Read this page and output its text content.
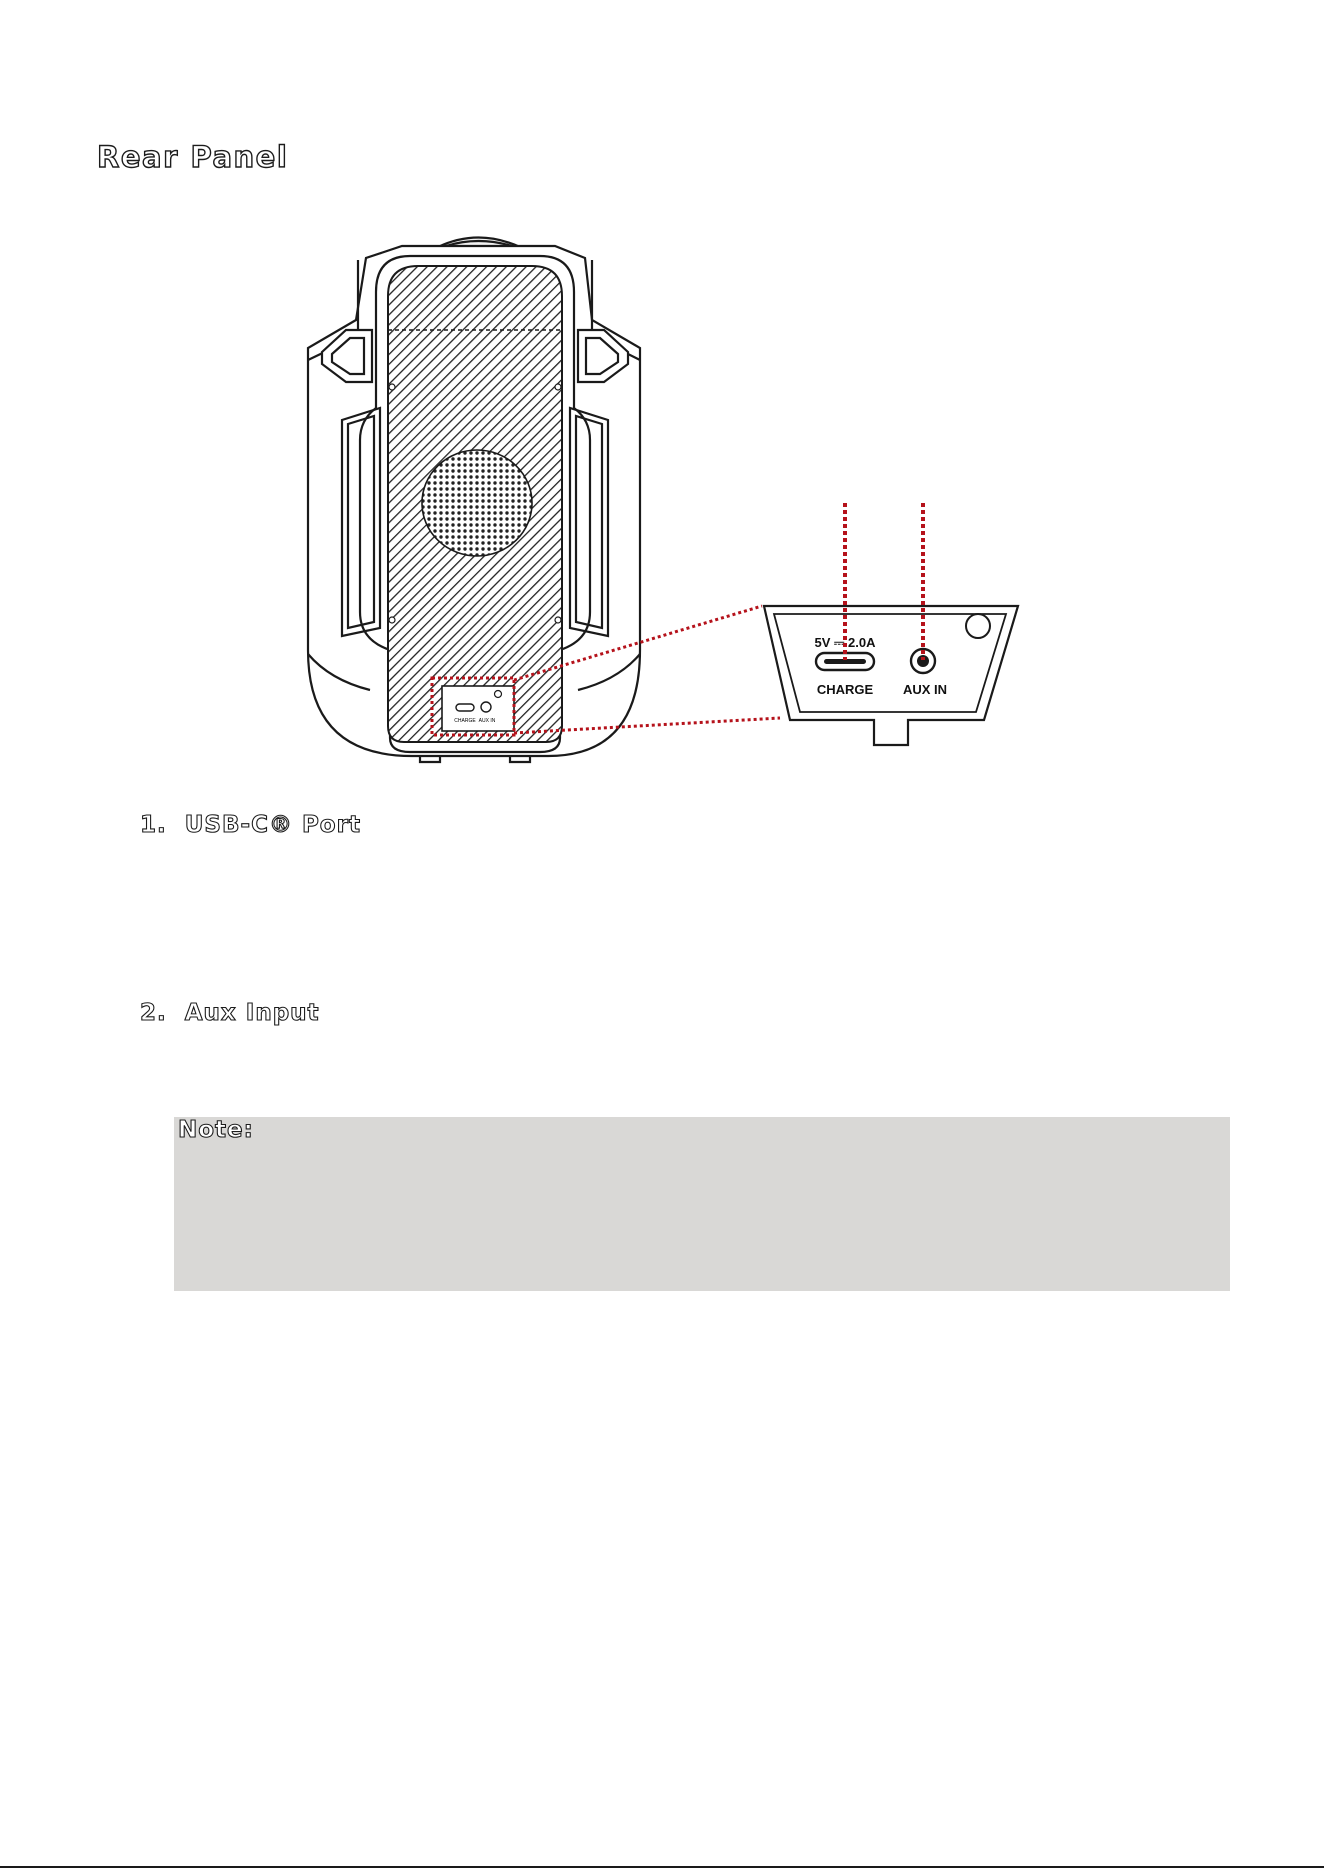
Rear Panel
CHARGE AUX IN
5V ⎓ 2.0A
CHARGE AUX IN
1. USB-C® Port
2. Aux Input
Note:
